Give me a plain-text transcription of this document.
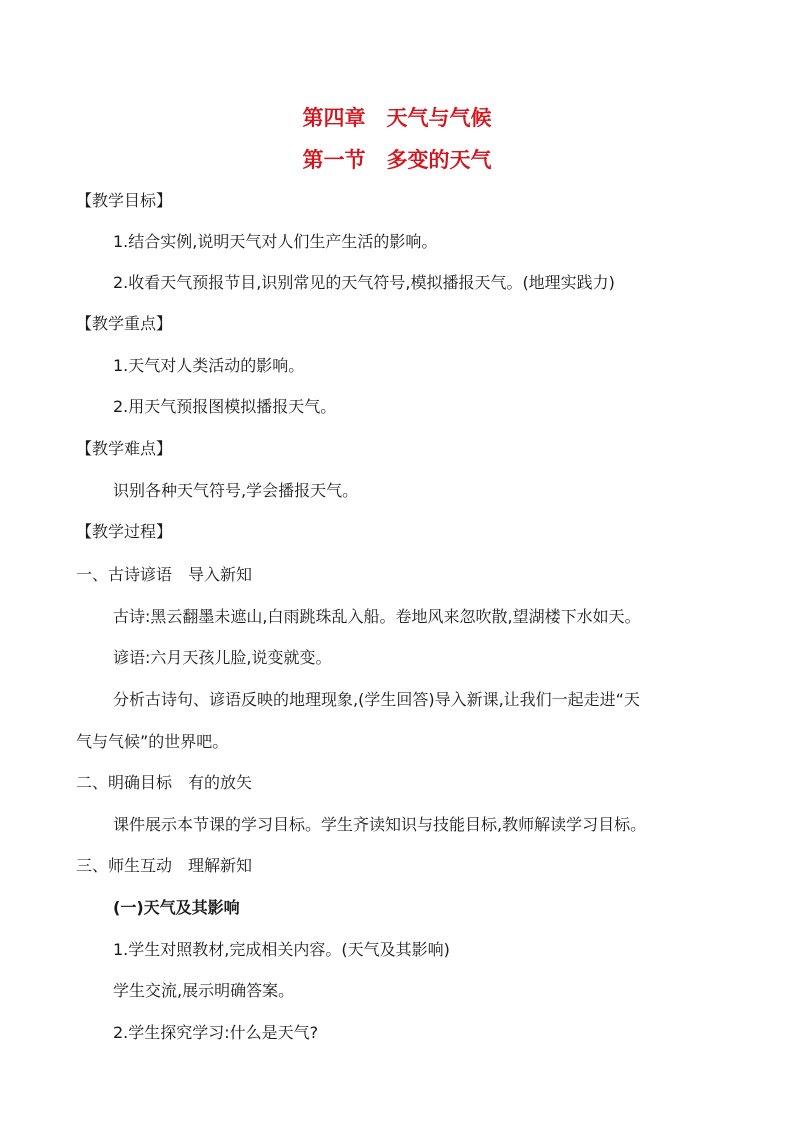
第四章　天气与气候
第一节　多变的天气
【教学目标】
1.结合实例,说明天气对人们生产生活的影响。
2.收看天气预报节目,识别常见的天气符号,模拟播报天气。(地理实践力)
【教学重点】
1.天气对人类活动的影响。
2.用天气预报图模拟播报天气。
【教学难点】
识别各种天气符号,学会播报天气。
【教学过程】
一、古诗谚语　导入新知
古诗:黑云翻墨未遮山,白雨跳珠乱入船。卷地风来忽吹散,望湖楼下水如天。
谚语:六月天孩儿脸,说变就变。
分析古诗句、谚语反映的地理现象,(学生回答)导入新课,让我们一起走进“天
气与气候”的世界吧。
二、明确目标　有的放矢
课件展示本节课的学习目标。学生齐读知识与技能目标,教师解读学习目标。
三、师生互动　理解新知
(一)天气及其影响
1.学生对照教材,完成相关内容。(天气及其影响)
学生交流,展示明确答案。
2.学生探究学习:什么是天气?
